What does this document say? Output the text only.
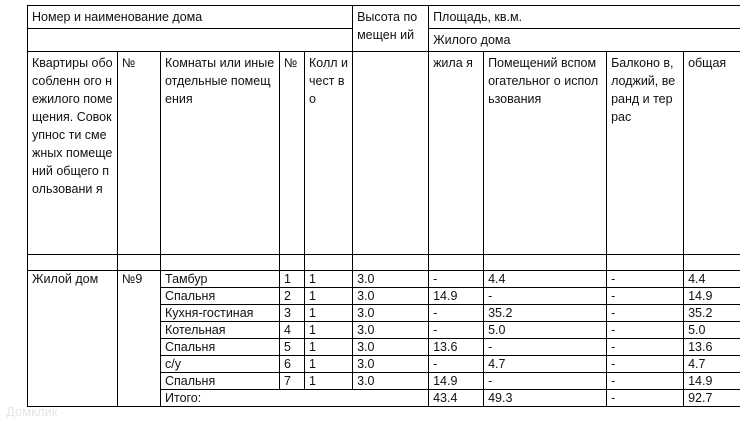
Номер и наименование дома					Высота помещен ий	Площадь, кв.м.			
						Жилого дома			
Квартиры обособленн ого нежилого помещения. Совокупнос ти смежных помещений общего пользовани я	№	Комнаты или иные отдельные помещения	№	Колл ичест во		жила я	Помещений вспомогательног о использования	Балконо в, лоджий, веранд и террас	общая

Жилой дом	№9	Тамбур	1	1	3.0	-	4.4	-	4.4
		Спальня	2	1	3.0	14.9	-	-	14.9
		Кухня-гостиная	3	1	3.0	-	35.2	-	35.2
		Котельная	4	1	3.0	-	5.0	-	5.0
		Спальня	5	1	3.0	13.6	-	-	13.6
		с/у	6	1	3.0	-	4.7	-	4.7
		Спальня	7	1	3.0	14.9	-	-	14.9
		Итого:				43.4	49.3	-	92.7
Домклик
